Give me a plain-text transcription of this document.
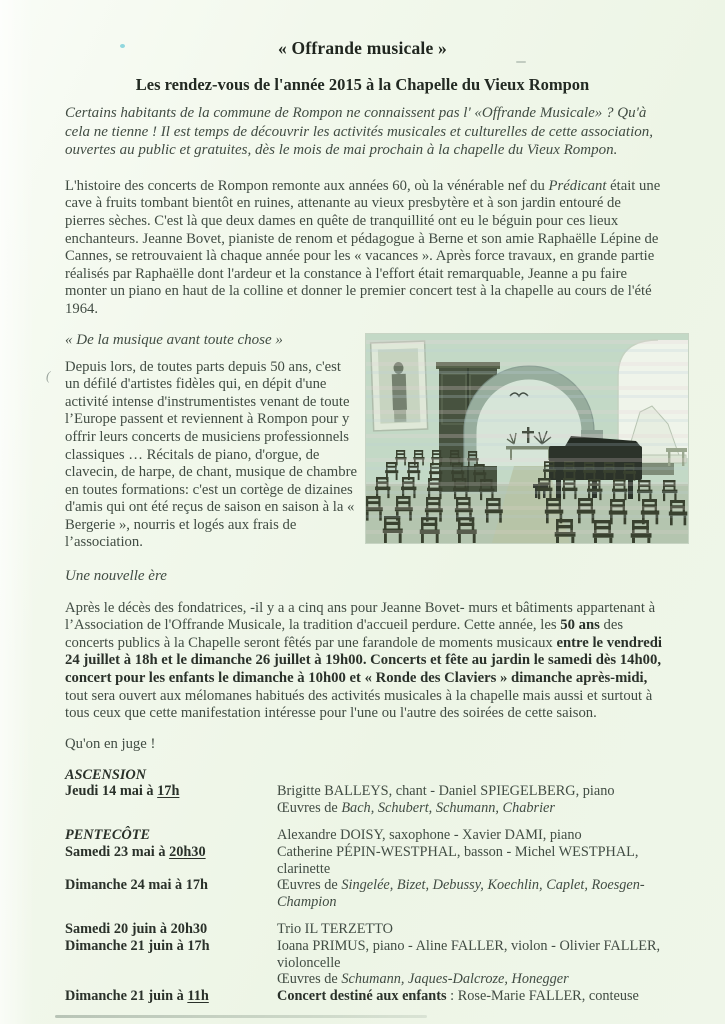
« Offrande musicale »
Les rendez-vous de l'année 2015 à la Chapelle du Vieux Rompon
Certains habitants de la commune de Rompon ne connaissent pas l' «Offrande Musicale» ? Qu'à cela ne tienne ! Il est temps de découvrir les activités musicales et culturelles de cette association, ouvertes au public et gratuites, dès le mois de mai prochain à la chapelle du Vieux Rompon.
L'histoire des concerts de Rompon remonte aux années 60, où la vénérable nef du Prédicant était une cave à fruits tombant bientôt en ruines, attenante au vieux presbytère et à son jardin entouré de pierres sèches. C'est là que deux dames en quête de tranquillité ont eu le béguin pour ces lieux enchanteurs. Jeanne Bovet, pianiste de renom et pédagogue à Berne et son amie Raphaëlle Lépine de Cannes, se retrouvaient là chaque année pour les « vacances ». Après force travaux, en grande partie réalisés par Raphaëlle dont l'ardeur et la constance à l'effort était remarquable, Jeanne a pu faire monter un piano en haut de la colline et donner le premier concert test à la chapelle au cours de l'été 1964.
« De la musique avant toute chose »
Depuis lors, de toutes parts depuis 50 ans, c'est un défilé d'artistes fidèles qui, en dépit d'une activité intense d'instrumentistes venant de toute l’Europe passent et reviennent à Rompon pour y offrir leurs concerts de musiciens professionnels classiques … Récitals de piano, d'orgue, de clavecin, de harpe, de chant, musique de chambre en toutes formations: c'est un cortège de dizaines d'amis qui ont été reçus de saison en saison à la « Bergerie », nourris et logés aux frais de l’association.
(
Une nouvelle ère
Après le décès des fondatrices, -il y a a cinq ans pour Jeanne Bovet- murs et bâtiments appartenant à l’Association de l'Offrande Musicale, la tradition d'accueil perdure. Cette année, les 50 ans des concerts publics à la Chapelle seront fêtés par une farandole de moments musicaux entre le vendredi 24 juillet à 18h et le dimanche 26 juillet à 19h00. Concerts et fête au jardin le samedi dès 14h00, concert pour les enfants le dimanche à 10h00 et « Ronde des Claviers » dimanche après-midi, tout sera ouvert aux mélomanes habitués des activités musicales à la chapelle mais aussi et surtout à tous ceux que cette manifestation intéresse pour l'une ou l'autre des soirées de cette saison.
Qu'on en juge !
ASCENSION
Jeudi 14 mai à 17h	Brigitte BALLEYS, chant - Daniel SPIEGELBERG, piano
Œuvres de Bach, Schubert, Schumann, Chabrier
PENTECÔTE	Alexandre DOISY, saxophone - Xavier DAMI, piano
Samedi 23 mai à 20h30	Catherine PÉPIN-WESTPHAL, basson - Michel WESTPHAL, clarinette
Dimanche 24 mai à 17h	Œuvres de Singelée, Bizet, Debussy, Koechlin, Caplet, Roesgen-Champion
Samedi 20 juin à 20h30	Trio IL TERZETTO
Dimanche 21 juin à 17h	Ioana PRIMUS, piano - Aline FALLER, violon - Olivier FALLER, violoncelle
Œuvres de Schumann, Jaques-Dalcroze, Honegger
Dimanche 21 juin à 11h	Concert destiné aux enfants : Rose-Marie FALLER, conteuse
